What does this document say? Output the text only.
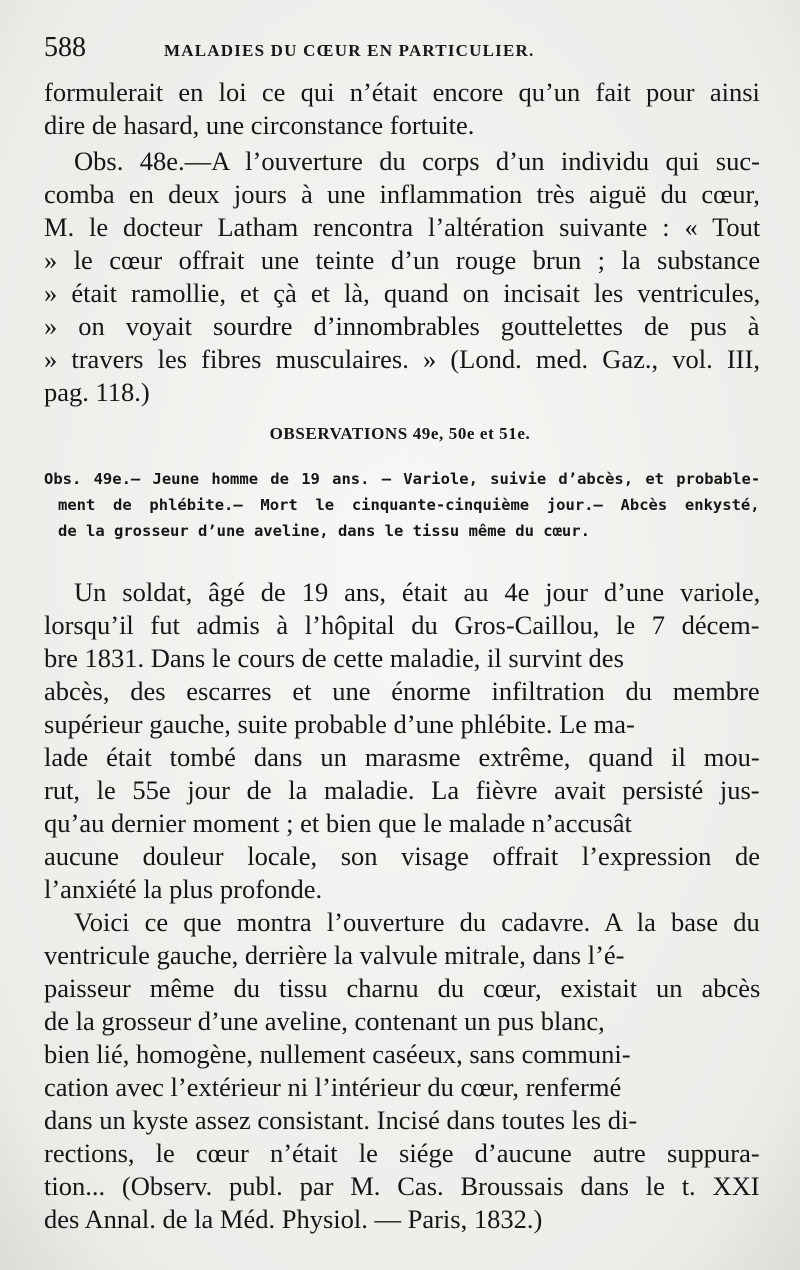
588	MALADIES DU CŒUR EN PARTICULIER.
formulerait en loi ce qui n’était encore qu’un fait pour ainsi
dire de hasard, une circonstance fortuite.
Obs. 48e.—A l’ouverture du corps d’un individu qui suc-
comba en deux jours à une inflammation très aiguë du cœur,
M. le docteur Latham rencontra l’altération suivante : « Tout
» le cœur offrait une teinte d’un rouge brun ; la substance
» était ramollie, et çà et là, quand on incisait les ventricules,
» on voyait sourdre d’innombrables gouttelettes de pus à
» travers les fibres musculaires. » (Lond. med. Gaz., vol. III,
pag. 118.)
OBSERVATIONS 49e, 50e et 51e.
Obs. 49e.— Jeune homme de 19 ans. — Variole, suivie d’abcès, et probable-
ment de phlébite.— Mort le cinquante-cinquième jour.— Abcès enkysté,
de la grosseur d’une aveline, dans le tissu même du cœur.
Un soldat, âgé de 19 ans, était au 4e jour d’une variole,
lorsqu’il fut admis à l’hôpital du Gros-Caillou, le 7 décem-
bre 1831. Dans le cours de cette maladie, il survint des
abcès, des escarres et une énorme infiltration du membre
supérieur gauche, suite probable d’une phlébite. Le ma-
lade était tombé dans un marasme extrême, quand il mou-
rut, le 55e jour de la maladie. La fièvre avait persisté jus-
qu’au dernier moment ; et bien que le malade n’accusât
aucune douleur locale, son visage offrait l’expression de
l’anxiété la plus profonde.
Voici ce que montra l’ouverture du cadavre. A la base du
ventricule gauche, derrière la valvule mitrale, dans l’é-
paisseur même du tissu charnu du cœur, existait un abcès
de la grosseur d’une aveline, contenant un pus blanc,
bien lié, homogène, nullement caséeux, sans communi-
cation avec l’extérieur ni l’intérieur du cœur, renfermé
dans un kyste assez consistant. Incisé dans toutes les di-
rections, le cœur n’était le siége d’aucune autre suppura-
tion... (Observ. publ. par M. Cas. Broussais dans le t. XXI
des Annal. de la Méd. Physiol. — Paris, 1832.)
